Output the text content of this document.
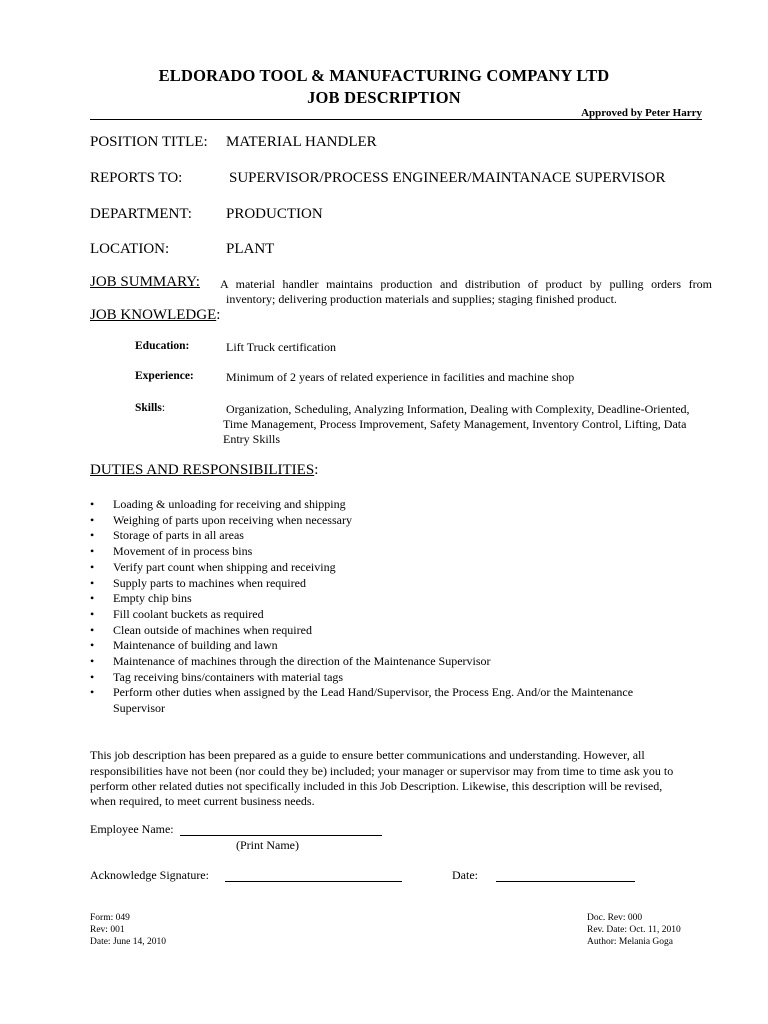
ELDORADO TOOL & MANUFACTURING COMPANY LTD
JOB DESCRIPTION
Approved by Peter Harry
POSITION TITLE: MATERIAL HANDLER
REPORTS TO:	SUPERVISOR/PROCESS ENGINEER/MAINTANACE SUPERVISOR
DEPARTMENT: PRODUCTION
LOCATION:	PLANT
JOB SUMMARY: A material handler maintains production and distribution of product by pulling orders from
inventory; delivering production materials and supplies; staging finished product.
JOB KNOWLEDGE:
Education:	Lift Truck certification
Experience:	Minimum of 2 years of related experience in facilities and machine shop
Skills:	Organization, Scheduling, Analyzing Information, Dealing with Complexity, Deadline-Oriented,
Time Management, Process Improvement, Safety Management, Inventory Control, Lifting, Data
Entry Skills
DUTIES AND RESPONSIBILITIES:
• Loading & unloading for receiving and shipping
• Weighing of parts upon receiving when necessary
• Storage of parts in all areas
• Movement of in process bins
• Verify part count when shipping and receiving
• Supply parts to machines when required
• Empty chip bins
• Fill coolant buckets as required
• Clean outside of machines when required
• Maintenance of building and lawn
• Maintenance of machines through the direction of the Maintenance Supervisor
• Tag receiving bins/containers with material tags
• Perform other duties when assigned by the Lead Hand/Supervisor, the Process Eng. And/or the Maintenance Supervisor
This job description has been prepared as a guide to ensure better communications and understanding. However, all
responsibilities have not been (nor could they be) included; your manager or supervisor may from time to time ask you to
perform other related duties not specifically included in this Job Description. Likewise, this description will be revised,
when required, to meet current business needs.
Employee Name:
(Print Name)
Acknowledge Signature:	Date:
Form: 049
Rev: 001
Date: June 14, 2010
Doc. Rev: 000
Rev. Date: Oct. 11, 2010
Author: Melania Goga
